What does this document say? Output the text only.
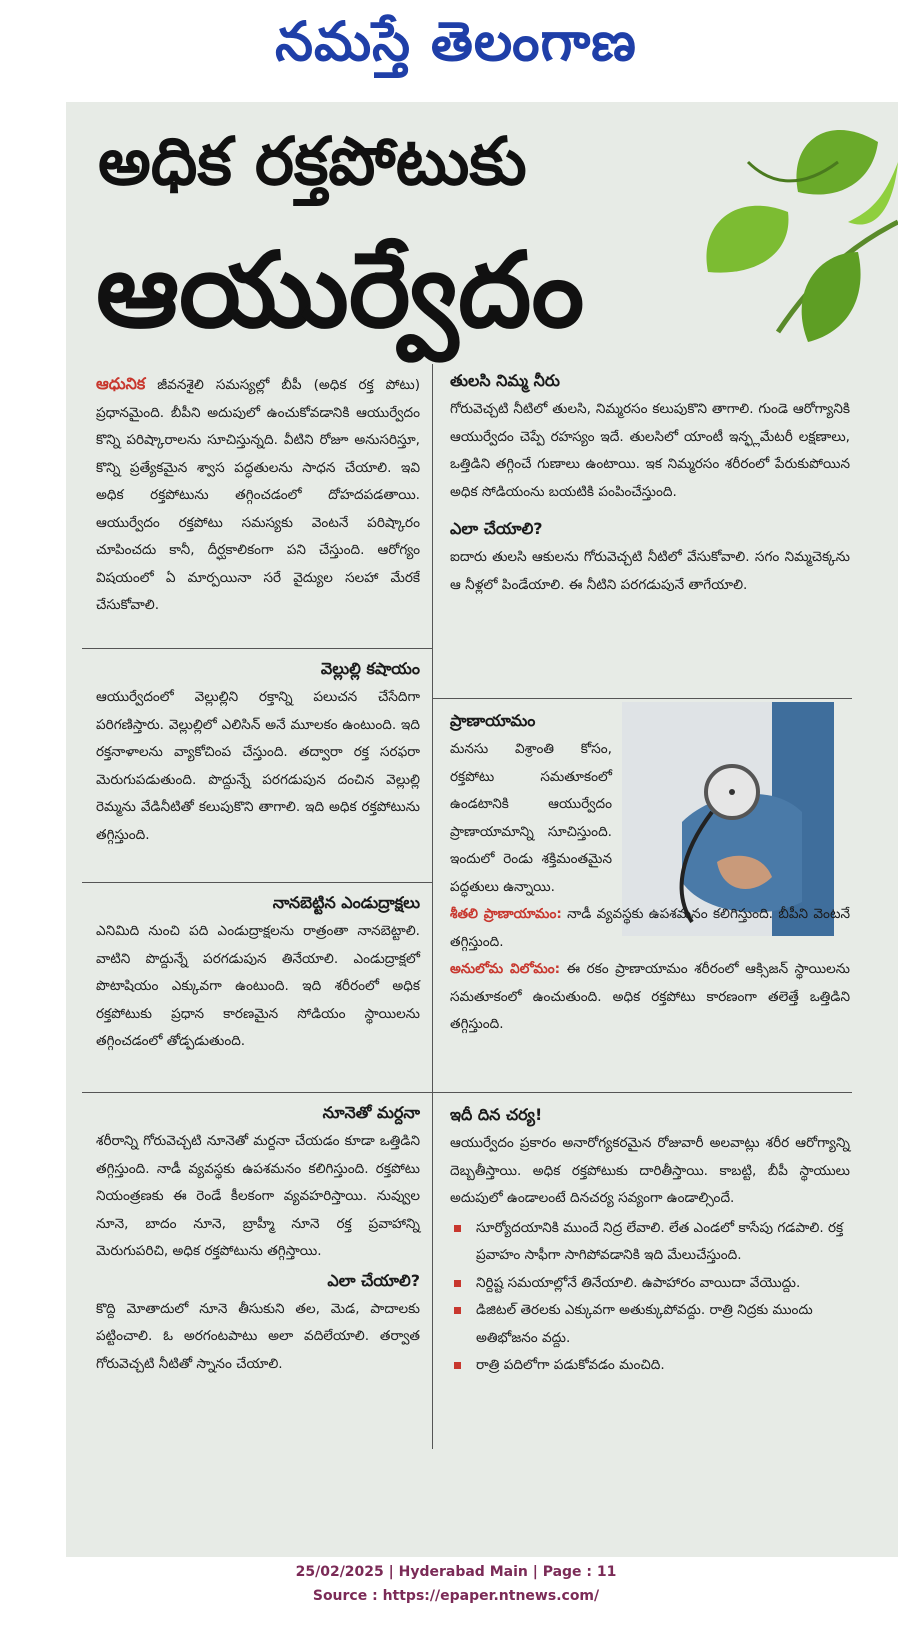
నమస్తే తెలంగాణ
అధిక రక్తపోటుకు
ఆయుర్వేదం

ఆధునిక జీవనశైలి సమస్యల్లో బీపీ (అధిక రక్త పోటు) ప్రధానమైంది. బీపీని అదుపులో ఉంచుకోవడానికి ఆయుర్వేదం కొన్ని పరిష్కారాలను సూచిస్తున్నది. వీటిని రోజూ అనుసరిస్తూ, కొన్ని ప్రత్యేకమైన శ్వాస పద్ధతులను సాధన చేయాలి. ఇవి అధిక రక్తపోటును తగ్గించడంలో దోహదపడతాయి. ఆయుర్వేదం రక్తపోటు సమస్యకు వెంటనే పరిష్కారం చూపించదు కానీ, దీర్ఘకాలికంగా పని చేస్తుంది. ఆరోగ్యం విషయంలో ఏ మార్పయినా సరే వైద్యుల సలహా మేరకే చేసుకోవాలి.

వెల్లుల్లి కషాయం

ఆయుర్వేదంలో వెల్లుల్లిని రక్తాన్ని పలుచన చేసేదిగా పరిగణిస్తారు. వెల్లుల్లిలో ఎలిసిన్ అనే మూలకం ఉంటుంది. ఇది రక్తనాళాలను వ్యాకోచింప చేస్తుంది. తద్వారా రక్త సరఫరా మెరుగుపడుతుంది. పొద్దున్నే పరగడుపున దంచిన వెల్లుల్లి రెమ్మను వేడినీటితో కలుపుకొని తాగాలి. ఇది అధిక రక్తపోటును తగ్గిస్తుంది.

నానబెట్టిన ఎండుద్రాక్షలు

ఎనిమిది నుంచి పది ఎండుద్రాక్షలను రాత్రంతా నానబెట్టాలి. వాటిని పొద్దున్నే పరగడుపున తినేయాలి. ఎండుద్రాక్షలో పొటాషియం ఎక్కువగా ఉంటుంది. ఇది శరీరంలో అధిక రక్తపోటుకు ప్రధాన కారణమైన సోడియం స్థాయిలను తగ్గించడంలో తోడ్పడుతుంది.

నూనెతో మర్దనా

శరీరాన్ని గోరువెచ్చటి నూనెతో మర్దనా చేయడం కూడా ఒత్తిడిని తగ్గిస్తుంది. నాడీ వ్యవస్థకు ఉపశమనం కలిగిస్తుంది. రక్తపోటు నియంత్రణకు ఈ రెండే కీలకంగా వ్యవహరిస్తాయి. నువ్వుల నూనె, బాదం నూనె, బ్రాహ్మీ నూనె రక్త ప్రవాహాన్ని మెరుగుపరిచి, అధిక రక్తపోటును తగ్గిస్తాయి.

ఎలా చేయాలి?

కొద్ది మోతాదులో నూనె తీసుకుని తల, మెడ, పాదాలకు పట్టించాలి. ఓ అరగంటపాటు అలా వదిలేయాలి. తర్వాత గోరువెచ్చటి నీటితో స్నానం చేయాలి.

తులసి నిమ్మ నీరు

గోరువెచ్చటి నీటిలో తులసి, నిమ్మరసం కలుపుకొని తాగాలి. గుండె ఆరోగ్యానికి ఆయుర్వేదం చెప్పే రహస్యం ఇదే. తులసిలో యాంటీ ఇన్ఫ్లమేటరీ లక్షణాలు, ఒత్తిడిని తగ్గించే గుణాలు ఉంటాయి. ఇక నిమ్మరసం శరీరంలో పేరుకుపోయిన అధిక సోడియంను బయటికి పంపించేస్తుంది.

ఎలా చేయాలి?

ఐదారు తులసి ఆకులను గోరువెచ్చటి నీటిలో వేసుకోవాలి. సగం నిమ్మచెక్కను ఆ నీళ్లలో పిండేయాలి. ఈ నీటిని పరగడుపునే తాగేయాలి.

ప్రాణాయామం

మనసు విశ్రాంతి కోసం, రక్తపోటు సమతూకంలో ఉండటానికి ఆయుర్వేదం ప్రాణాయామాన్ని సూచిస్తుంది. ఇందులో రెండు శక్తిమంతమైన పద్ధతులు ఉన్నాయి.

శీతలి ప్రాణాయామం: నాడీ వ్యవస్థకు ఉపశమనం కలిగిస్తుంది. బీపీని వెంటనే తగ్గిస్తుంది.

అనులోమ విలోమం: ఈ రకం ప్రాణాయామం శరీరంలో ఆక్సిజన్ స్థాయిలను సమతూకంలో ఉంచుతుంది. అధిక రక్తపోటు కారణంగా తలెత్తే ఒత్తిడిని తగ్గిస్తుంది.

ఇదీ దిన చర్య!

ఆయుర్వేదం ప్రకారం అనారోగ్యకరమైన రోజువారీ అలవాట్లు శరీర ఆరోగ్యాన్ని దెబ్బతీస్తాయి. అధిక రక్తపోటుకు దారితీస్తాయి. కాబట్టి, బీపీ స్థాయులు అదుపులో ఉండాలంటే దినచర్య సవ్యంగా ఉండాల్సిందే.

సూర్యోదయానికి ముందే నిద్ర లేవాలి. లేత ఎండలో కాసేపు గడపాలి. రక్త ప్రవాహం సాఫీగా సాగిపోవడానికి ఇది మేలుచేస్తుంది.
నిర్దిష్ట సమయాల్లోనే తినేయాలి. ఉపాహారం వాయిదా వేయొద్దు.
డిజిటల్ తెరలకు ఎక్కువగా అతుక్కుపోవద్దు. రాత్రి నిద్రకు ముందు అతిభోజనం వద్దు.
రాత్రి పదిలోగా పడుకోవడం మంచిది.
25/02/2025 | Hyderabad Main | Page : 11
Source : https://epaper.ntnews.com/
